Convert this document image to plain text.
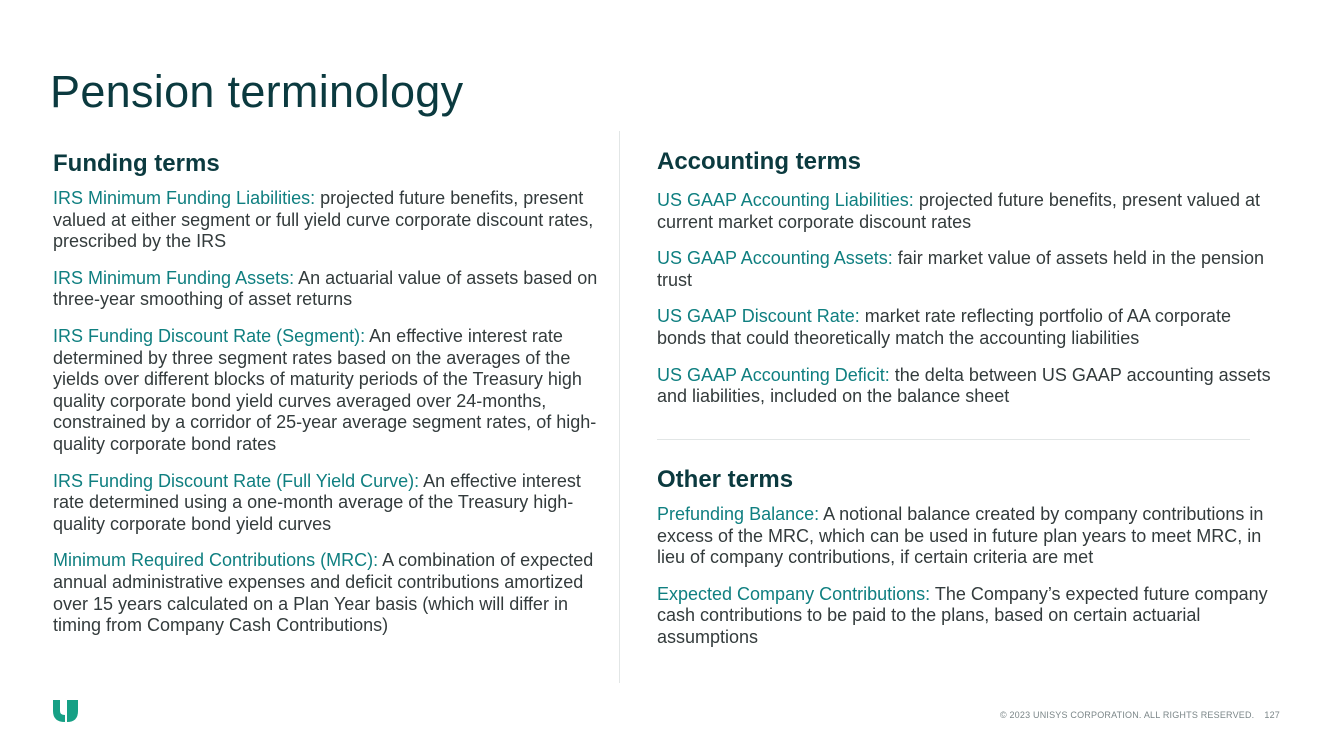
Pension terminology
Funding terms

IRS Minimum Funding Liabilities: projected future benefits, present valued at either segment or full yield curve corporate discount rates, prescribed by the IRS

IRS Minimum Funding Assets: An actuarial value of assets based on three-year smoothing of asset returns

IRS Funding Discount Rate (Segment): An effective interest rate determined by three segment rates based on the averages of the yields over different blocks of maturity periods of the Treasury high quality corporate bond yield curves averaged over 24-months, constrained by a corridor of 25-year average segment rates, of high-quality corporate bond rates

IRS Funding Discount Rate (Full Yield Curve): An effective interest rate determined using a one-month average of the Treasury high-quality corporate bond yield curves

Minimum Required Contributions (MRC): A combination of expected annual administrative expenses and deficit contributions amortized over 15 years calculated on a Plan Year basis (which will differ in timing from Company Cash Contributions)

Accounting terms

US GAAP Accounting Liabilities: projected future benefits, present valued at current market corporate discount rates

US GAAP Accounting Assets: fair market value of assets held in the pension trust

US GAAP Discount Rate: market rate reflecting portfolio of AA corporate bonds that could theoretically match the accounting liabilities

US GAAP Accounting Deficit: the delta between US GAAP accounting assets and liabilities, included on the balance sheet

Other terms

Prefunding Balance: A notional balance created by company contributions in excess of the MRC, which can be used in future plan years to meet MRC, in lieu of company contributions, if certain criteria are met

Expected Company Contributions: The Company’s expected future company cash contributions to be paid to the plans, based on certain actuarial assumptions

© 2023 UNISYS CORPORATION. ALL RIGHTS RESERVED. 127
